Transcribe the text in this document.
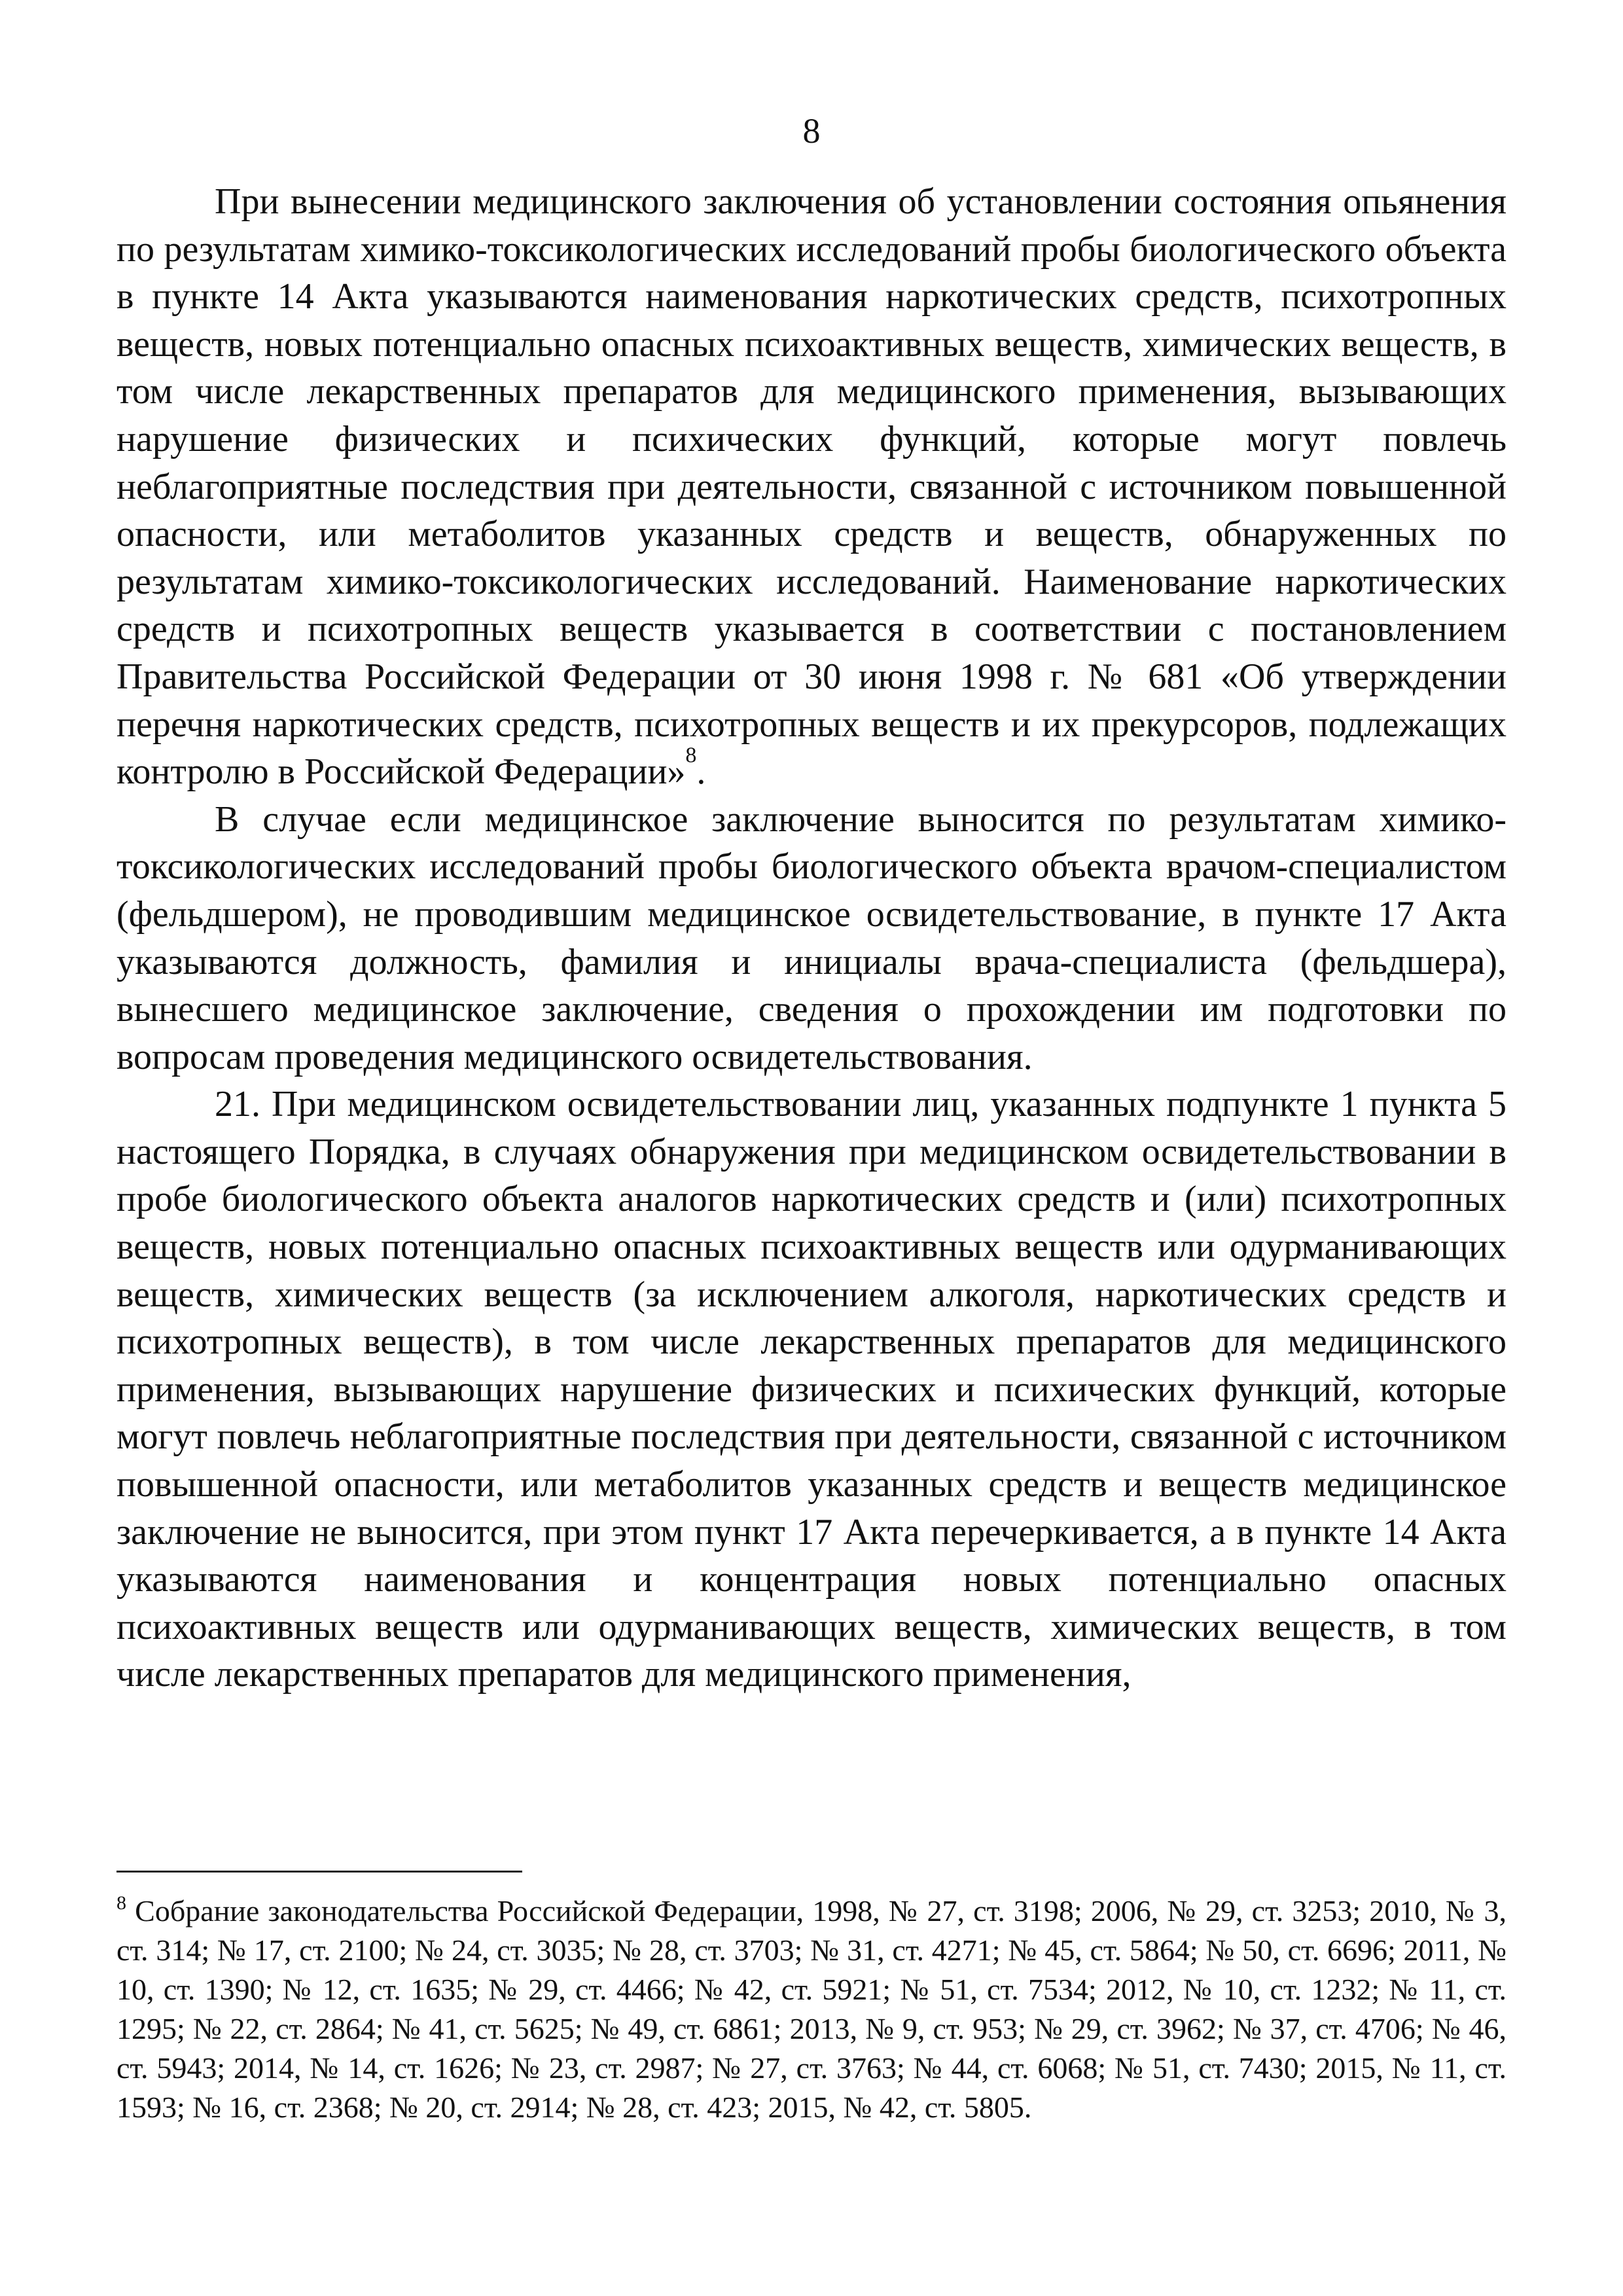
8

При вынесении медицинского заключения об установлении состояния опьянения по результатам химико-токсикологических исследований пробы биологического объекта в пункте 14 Акта указываются наименования наркотических средств, психотропных веществ, новых потенциально опасных психоактивных веществ, химических веществ, в том числе лекарственных препаратов для медицинского применения, вызывающих нарушение физических и психических функций, которые могут повлечь неблагоприятные последствия при деятельности, связанной с источником повышенной опасности, или метаболитов указанных средств и веществ, обнаруженных по результатам химико-токсикологических исследований. Наименование наркотических средств и психотропных веществ указывается в соответствии с постановлением Правительства Российской Федерации от 30 июня 1998 г. № 681 «Об утверждении перечня наркотических средств, психотропных веществ и их прекурсоров, подлежащих контролю в Российской Федерации»$^8$.

В случае если медицинское заключение выносится по результатам химико-токсикологических исследований пробы биологического объекта врачом-специалистом (фельдшером), не проводившим медицинское освидетельствование, в пункте 17 Акта указываются должность, фамилия и инициалы врача-специалиста (фельдшера), вынесшего медицинское заключение, сведения о прохождении им подготовки по вопросам проведения медицинского освидетельствования.

21. При медицинском освидетельствовании лиц, указанных подпункте 1 пункта 5 настоящего Порядка, в случаях обнаружения при медицинском освидетельствовании в пробе биологического объекта аналогов наркотических средств и (или) психотропных веществ, новых потенциально опасных психоактивных веществ или одурманивающих веществ, химических веществ (за исключением алкоголя, наркотических средств и психотропных веществ), в том числе лекарственных препаратов для медицинского применения, вызывающих нарушение физических и психических функций, которые могут повлечь неблагоприятные последствия при деятельности, связанной с источником повышенной опасности, или метаболитов указанных средств и веществ медицинское заключение не выносится, при этом пункт 17 Акта перечеркивается, а в пункте 14 Акта указываются наименования и концентрация новых потенциально опасных психоактивных веществ или одурманивающих веществ, химических веществ, в том числе лекарственных препаратов для медицинского применения,

$^8$ Собрание законодательства Российской Федерации, 1998, № 27, ст. 3198; 2006, № 29, ст. 3253; 2010, № 3, ст. 314; № 17, ст. 2100; № 24, ст. 3035; № 28, ст. 3703; № 31, ст. 4271; № 45, ст. 5864; № 50, ст. 6696; 2011, № 10, ст. 1390; № 12, ст. 1635; № 29, ст. 4466; № 42, ст. 5921; № 51, ст. 7534; 2012, № 10, ст. 1232; № 11, ст. 1295; № 22, ст. 2864; № 41, ст. 5625; № 49, ст. 6861; 2013, № 9, ст. 953; № 29, ст. 3962; № 37, ст. 4706; № 46, ст. 5943; 2014, № 14, ст. 1626; № 23, ст. 2987; № 27, ст. 3763; № 44, ст. 6068; № 51, ст. 7430; 2015, № 11, ст. 1593; № 16, ст. 2368; № 20, ст. 2914; № 28, ст. 423; 2015, № 42, ст. 5805.
